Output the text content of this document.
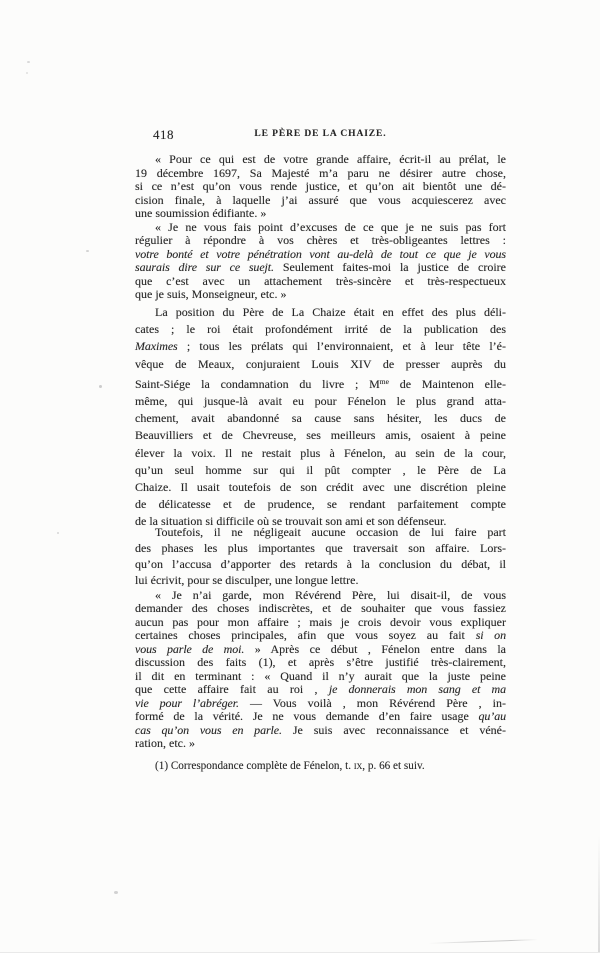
418	LE PÈRE DE LA CHAIZE.
« Pour ce qui est de votre grande affaire, écrit-il au prélat, le
19 décembre 1697, Sa Majesté m’a paru ne désirer autre chose,
si ce n’est qu’on vous rende justice, et qu’on ait bientôt une dé-
cision finale, à laquelle j’ai assuré que vous acquiescerez avec
une soumission édifiante. »
« Je ne vous fais point d’excuses de ce que je ne suis pas fort
régulier à répondre à vos chères et très-obligeantes lettres :
votre bonté et votre pénétration vont au-delà de tout ce que je vous
saurais dire sur ce suejt. Seulement faites-moi la justice de croire
que c’est avec un attachement très-sincère et très-respectueux
que je suis, Monseigneur, etc. »
La position du Père de La Chaize était en effet des plus déli-
cates ; le roi était profondément irrité de la publication des
Maximes ; tous les prélats qui l’environnaient, et à leur tête l’é-
vêque de Meaux, conjuraient Louis XIV de presser auprès du
Saint-Siége la condamnation du livre ; $M^{me}$ de Maintenon elle-
même, qui jusque-là avait eu pour Fénelon le plus grand atta-
chement, avait abandonné sa cause sans hésiter, les ducs de
Beauvilliers et de Chevreuse, ses meilleurs amis, osaient à peine
élever la voix. Il ne restait plus à Fénelon, au sein de la cour,
qu’un seul homme sur qui il pût compter , le Père de La
Chaize. Il usait toutefois de son crédit avec une discrétion pleine
de délicatesse et de prudence, se rendant parfaitement compte
de la situation si difficile où se trouvait son ami et son défenseur.
Toutefois, il ne négligeait aucune occasion de lui faire part
des phases les plus importantes que traversait son affaire. Lors-
qu’on l’accusa d’apporter des retards à la conclusion du débat, il
lui écrivit, pour se disculper, une longue lettre.
« Je n’ai garde, mon Révérend Père, lui disait-il, de vous
demander des choses indiscrètes, et de souhaiter que vous fassiez
aucun pas pour mon affaire ; mais je crois devoir vous expliquer
certaines choses principales, afin que vous soyez au fait si on
vous parle de moi. » Après ce début , Fénelon entre dans la
discussion des faits (1), et après s’être justifié très-clairement,
il dit en terminant : « Quand il n’y aurait que la juste peine
que cette affaire fait au roi , je donnerais mon sang et ma
vie pour l’abréger. — Vous voilà , mon Révérend Père , in-
formé de la vérité. Je ne vous demande d’en faire usage qu’au
cas qu’on vous en parle. Je suis avec reconnaissance et véné-
ration, etc. »
(1) Correspondance complète de Fénelon, t. ix, p. 66 et suiv.
